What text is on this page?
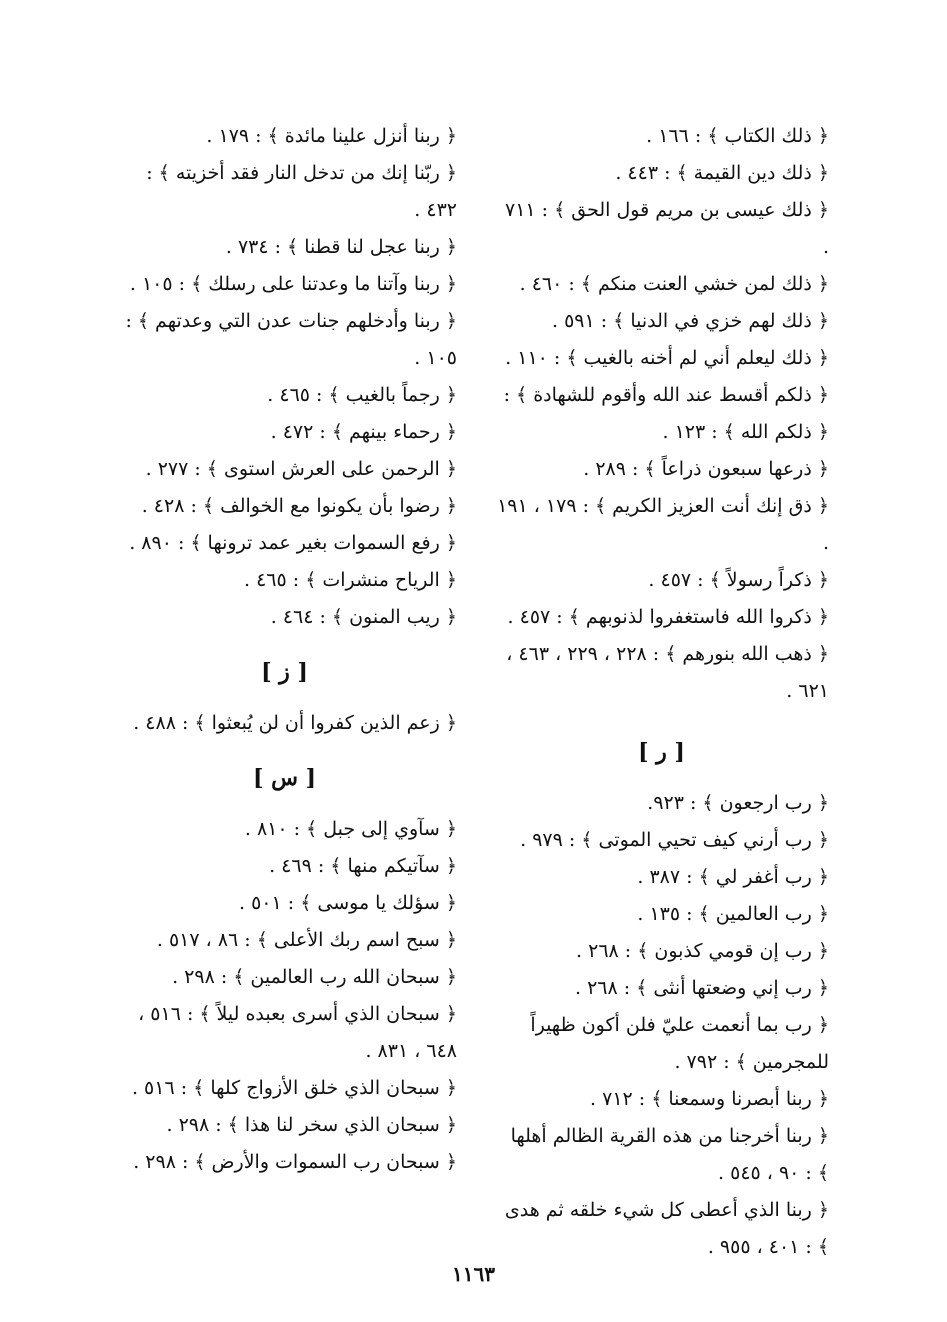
﴿ ذلك الكتاب ﴾ : ١٦٦ .

﴿ ذلك دين القيمة ﴾ : ٤٤٣ .

﴿ ذلك عيسى بن مريم قول الحق ﴾ : ٧١١ .

﴿ ذلك لمن خشي العنت منكم ﴾ : ٤٦٠ .

﴿ ذلك لهم خزي في الدنيا ﴾ : ٥٩١ .

﴿ ذلك ليعلم أني لم أخنه بالغيب ﴾ : ١١٠ .

﴿ ذلكم أقسط عند الله وأقوم للشهادة ﴾ :

﴿ ذلكم الله ﴾ : ١٢٣ .

﴿ ذرعها سبعون ذراعاً ﴾ : ٢٨٩ .

﴿ ذق إنك أنت العزيز الكريم ﴾ : ١٧٩ ، ١٩١ .

﴿ ذكراً رسولاً ﴾ : ٤٥٧ .

﴿ ذكروا الله فاستغفروا لذنوبهم ﴾ : ٤٥٧ .

﴿ ذهب الله بنورهم ﴾ : ٢٢٨ ، ٢٢٩ ، ٤٦٣ ، ٦٢١ .

[ ر ]

﴿ رب ارجعون ﴾ : ٩٢٣.

﴿ رب أرني كيف تحيي الموتى ﴾ : ٩٧٩ .

﴿ رب أغفر لي ﴾ : ٣٨٧ .

﴿ رب العالمين ﴾ : ١٣٥ .

﴿ رب إن قومي كذبون ﴾ : ٢٦٨ .

﴿ رب إني وضعتها أنثى ﴾ : ٢٦٨ .

﴿ رب بما أنعمت عليّ فلن أكون ظهيراً للمجرمين ﴾ : ٧٩٢ .

﴿ ربنا أبصرنا وسمعنا ﴾ : ٧١٢ .

﴿ ربنا أخرجنا من هذه القرية الظالم أهلها ﴾ : ٩٠ ، ٥٤٥ .

﴿ ربنا الذي أعطى كل شيء خلقه ثم هدى ﴾ : ٤٠١ ، ٩٥٥ .

﴿ ربنا أنزل علينا مائدة ﴾ : ١٧٩ .

﴿ ربّنا إنك من تدخل النار فقد أخزيته ﴾ : ٤٣٢ .

﴿ ربنا عجل لنا قطنا ﴾ : ٧٣٤ .

﴿ ربنا وآتنا ما وعدتنا على رسلك ﴾ : ١٠٥ .

﴿ ربنا وأدخلهم جنات عدن التي وعدتهم ﴾ : ١٠٥ .

﴿ رجماً بالغيب ﴾ : ٤٦٥ .

﴿ رحماء بينهم ﴾ : ٤٧٢ .

﴿ الرحمن على العرش استوى ﴾ : ٢٧٧ .

﴿ رضوا بأن يكونوا مع الخوالف ﴾ : ٤٢٨ .

﴿ رفع السموات بغير عمد ترونها ﴾ : ٨٩٠ .

﴿ الرياح منشرات ﴾ : ٤٦٥ .

﴿ ريب المنون ﴾ : ٤٦٤ .

[ ز ]

﴿ زعم الذين كفروا أن لن يُبعثوا ﴾ : ٤٨٨ .

[ س ]

﴿ سآوي إلى جبل ﴾ : ٨١٠ .

﴿ سآتيكم منها ﴾ : ٤٦٩ .

﴿ سؤلك يا موسى ﴾ : ٥٠١ .

﴿ سبح اسم ربك الأعلى ﴾ : ٨٦ ، ٥١٧ .

﴿ سبحان الله رب العالمين ﴾ : ٢٩٨ .

﴿ سبحان الذي أسرى بعبده ليلاً ﴾ : ٥١٦ ، ٦٤٨ ، ٨٣١ .

﴿ سبحان الذي خلق الأزواج كلها ﴾ : ٥١٦ .

﴿ سبحان الذي سخر لنا هذا ﴾ : ٢٩٨ .

﴿ سبحان رب السموات والأرض ﴾ : ٢٩٨ .

١١٦٣
